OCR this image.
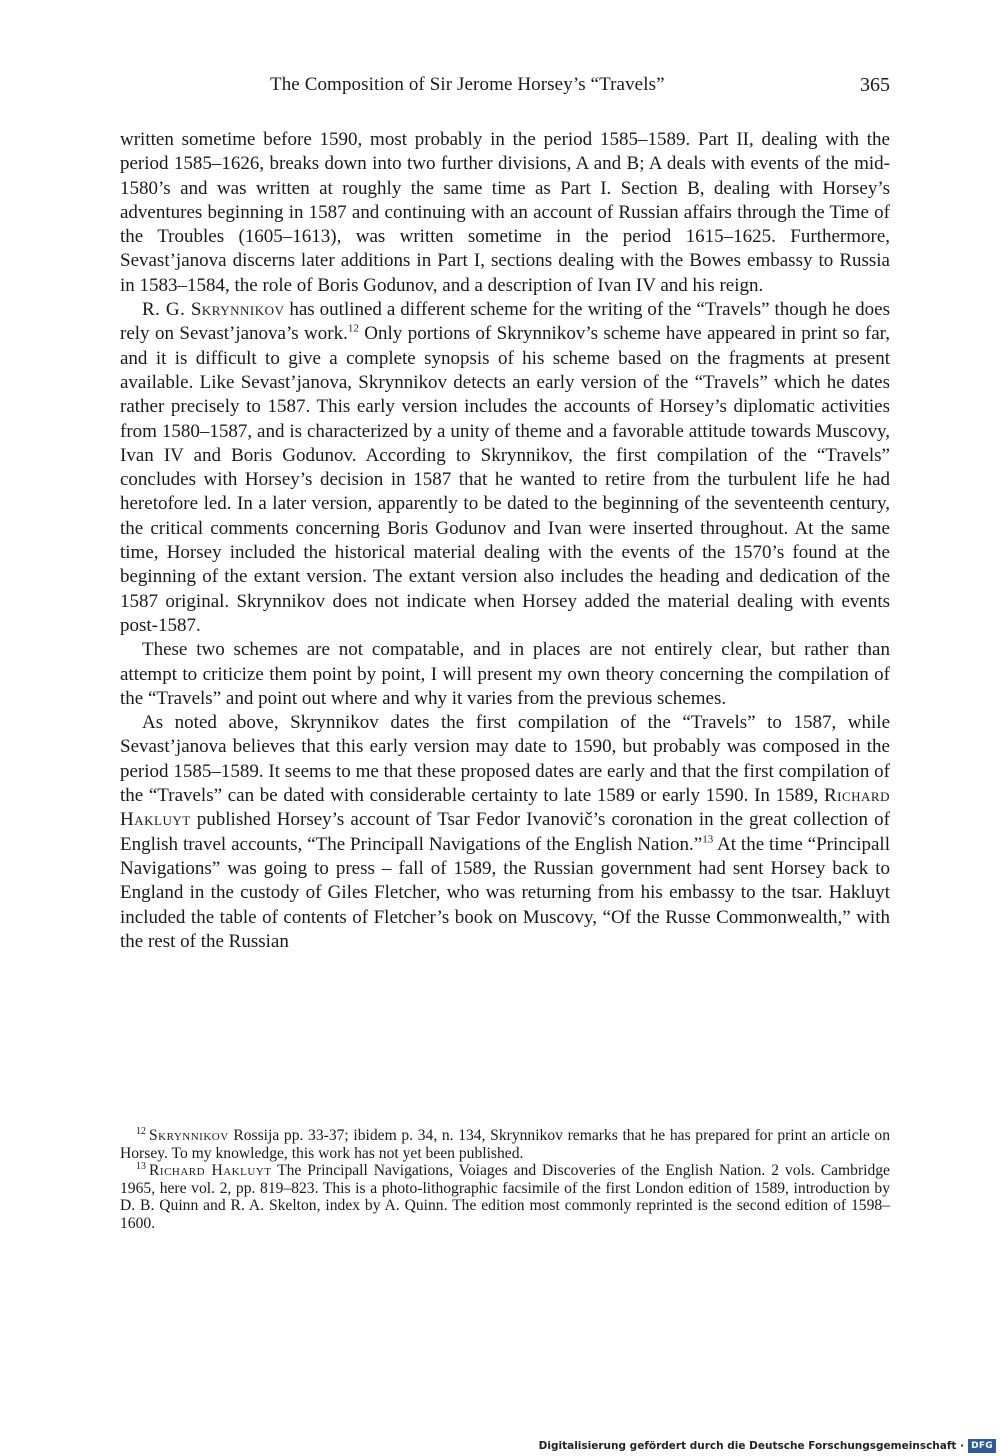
The Composition of Sir Jerome Horsey’s “Travels”	365

written sometime before 1590, most probably in the period 1585–1589. Part II, dealing with the period 1585–1626, breaks down into two further divisions, A and B; A deals with events of the mid-1580’s and was written at roughly the same time as Part I. Section B, dealing with Horsey’s adventures beginning in 1587 and continuing with an account of Russian affairs through the Time of the Troubles (1605–1613), was written sometime in the period 1615–1625. Furthermore, Sevast’janova discerns later additions in Part I, sections dealing with the Bowes embassy to Russia in 1583–1584, the role of Boris Godunov, and a description of Ivan IV and his reign.

R. G. Skrynnikov has outlined a different scheme for the writing of the “Travels” though he does rely on Sevast’janova’s work.$^{12}$ Only portions of Skrynnikov’s scheme have appeared in print so far, and it is difficult to give a complete synopsis of his scheme based on the fragments at present available. Like Sevast’janova, Skrynnikov detects an early version of the “Travels” which he dates rather precisely to 1587. This early version includes the accounts of Horsey’s diplomatic activities from 1580–1587, and is characterized by a unity of theme and a favorable attitude towards Muscovy, Ivan IV and Boris Godunov. According to Skrynnikov, the first compilation of the “Travels” concludes with Horsey’s decision in 1587 that he wanted to retire from the turbulent life he had heretofore led. In a later version, apparently to be dated to the beginning of the seventeenth century, the critical comments concerning Boris Godunov and Ivan were inserted throughout. At the same time, Horsey included the historical material dealing with the events of the 1570’s found at the beginning of the extant version. The extant version also includes the heading and dedication of the 1587 original. Skrynnikov does not indicate when Horsey added the material dealing with events post-1587.

These two schemes are not compatable, and in places are not entirely clear, but rather than attempt to criticize them point by point, I will present my own theory concerning the compilation of the “Travels” and point out where and why it varies from the previous schemes.

As noted above, Skrynnikov dates the first compilation of the “Travels” to 1587, while Sevast’janova believes that this early version may date to 1590, but probably was composed in the period 1585–1589. It seems to me that these proposed dates are early and that the first compilation of the “Travels” can be dated with considerable certainty to late 1589 or early 1590. In 1589, Richard Hakluyt published Horsey’s account of Tsar Fedor Ivanovič’s coronation in the great collection of English travel accounts, “The Principall Navigations of the English Nation.”$^{13}$ At the time “Principall Navigations” was going to press – fall of 1589, the Russian government had sent Horsey back to England in the custody of Giles Fletcher, who was returning from his embassy to the tsar. Hakluyt included the table of contents of Fletcher’s book on Muscovy, “Of the Russe Commonwealth,” with the rest of the Russian

$^{12}$ Skrynnikov Rossija pp. 33-37; ibidem p. 34, n. 134, Skrynnikov remarks that he has prepared for print an article on Horsey. To my knowledge, this work has not yet been published.

$^{13}$ Richard Hakluyt The Principall Navigations, Voiages and Discoveries of the English Nation. 2 vols. Cambridge 1965, here vol. 2, pp. 819–823. This is a photo-lithographic facsimile of the first London edition of 1589, introduction by D. B. Quinn and R. A. Skelton, index by A. Quinn. The edition most commonly reprinted is the second edition of 1598–1600.

Digitalisierung gefördert durch die Deutsche Forschungsgemeinschaft · DFG
